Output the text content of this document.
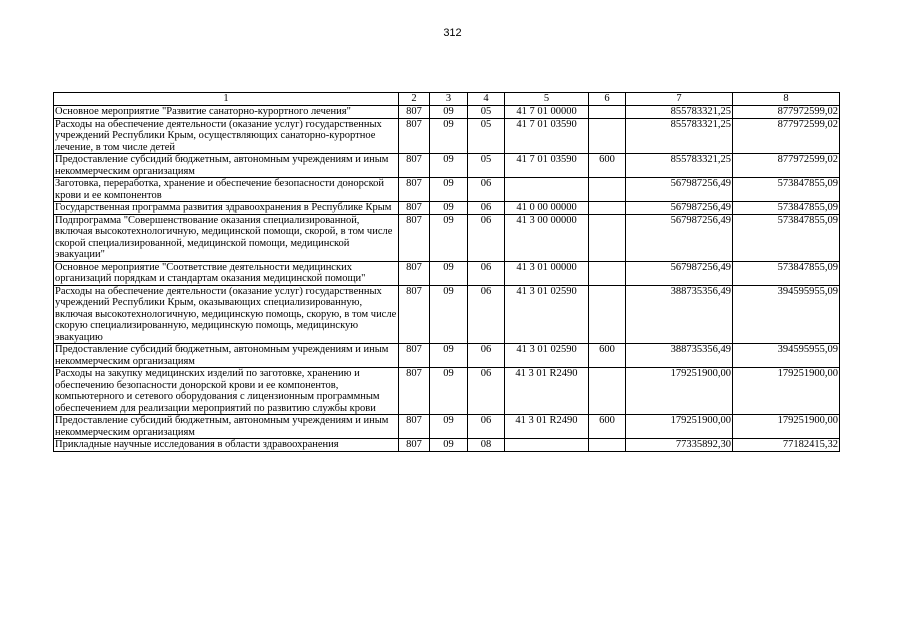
312
1	2	3	4	5	6	7	8
Основное мероприятие "Развитие санаторно-курортного лечения"	807	09	05	41 7 01 00000		855783321,25	877972599,02
Расходы на обеспечение деятельности (оказание услуг) государственных учреждений Республики Крым, осуществляющих санаторно-курортное лечение, в том числе детей	807	09	05	41 7 01 03590		855783321,25	877972599,02
Предоставление субсидий бюджетным, автономным учреждениям и иным некоммерческим организациям	807	09	05	41 7 01 03590	600	855783321,25	877972599,02
Заготовка, переработка, хранение и обеспечение безопасности донорской крови и ее компонентов	807	09	06			567987256,49	573847855,09
Государственная программа развития здравоохранения в Республике Крым	807	09	06	41 0 00 00000		567987256,49	573847855,09
Подпрограмма "Совершенствование оказания специализированной, включая высокотехнологичную, медицинской помощи, скорой, в том числе скорой специализированной, медицинской помощи, медицинской эвакуации"	807	09	06	41 3 00 00000		567987256,49	573847855,09
Основное мероприятие "Соответствие деятельности медицинских организаций порядкам и стандартам оказания медицинской помощи"	807	09	06	41 3 01 00000		567987256,49	573847855,09
Расходы на обеспечение деятельности (оказание услуг) государственных учреждений Республики Крым, оказывающих специализированную, включая высокотехнологичную, медицинскую помощь, скорую, в том числе скорую специализированную, медицинскую помощь, медицинскую эвакуацию	807	09	06	41 3 01 02590		388735356,49	394595955,09
Предоставление субсидий бюджетным, автономным учреждениям и иным некоммерческим организациям	807	09	06	41 3 01 02590	600	388735356,49	394595955,09
Расходы на закупку медицинских изделий по заготовке, хранению и обеспечению безопасности донорской крови и ее компонентов, компьютерного и сетевого оборудования с лицензионным программным обеспечением для реализации мероприятий по развитию службы крови	807	09	06	41 3 01 R2490		179251900,00	179251900,00
Предоставление субсидий бюджетным, автономным учреждениям и иным некоммерческим организациям	807	09	06	41 3 01 R2490	600	179251900,00	179251900,00
Прикладные научные исследования в области здравоохранения	807	09	08			77335892,30	77182415,32
